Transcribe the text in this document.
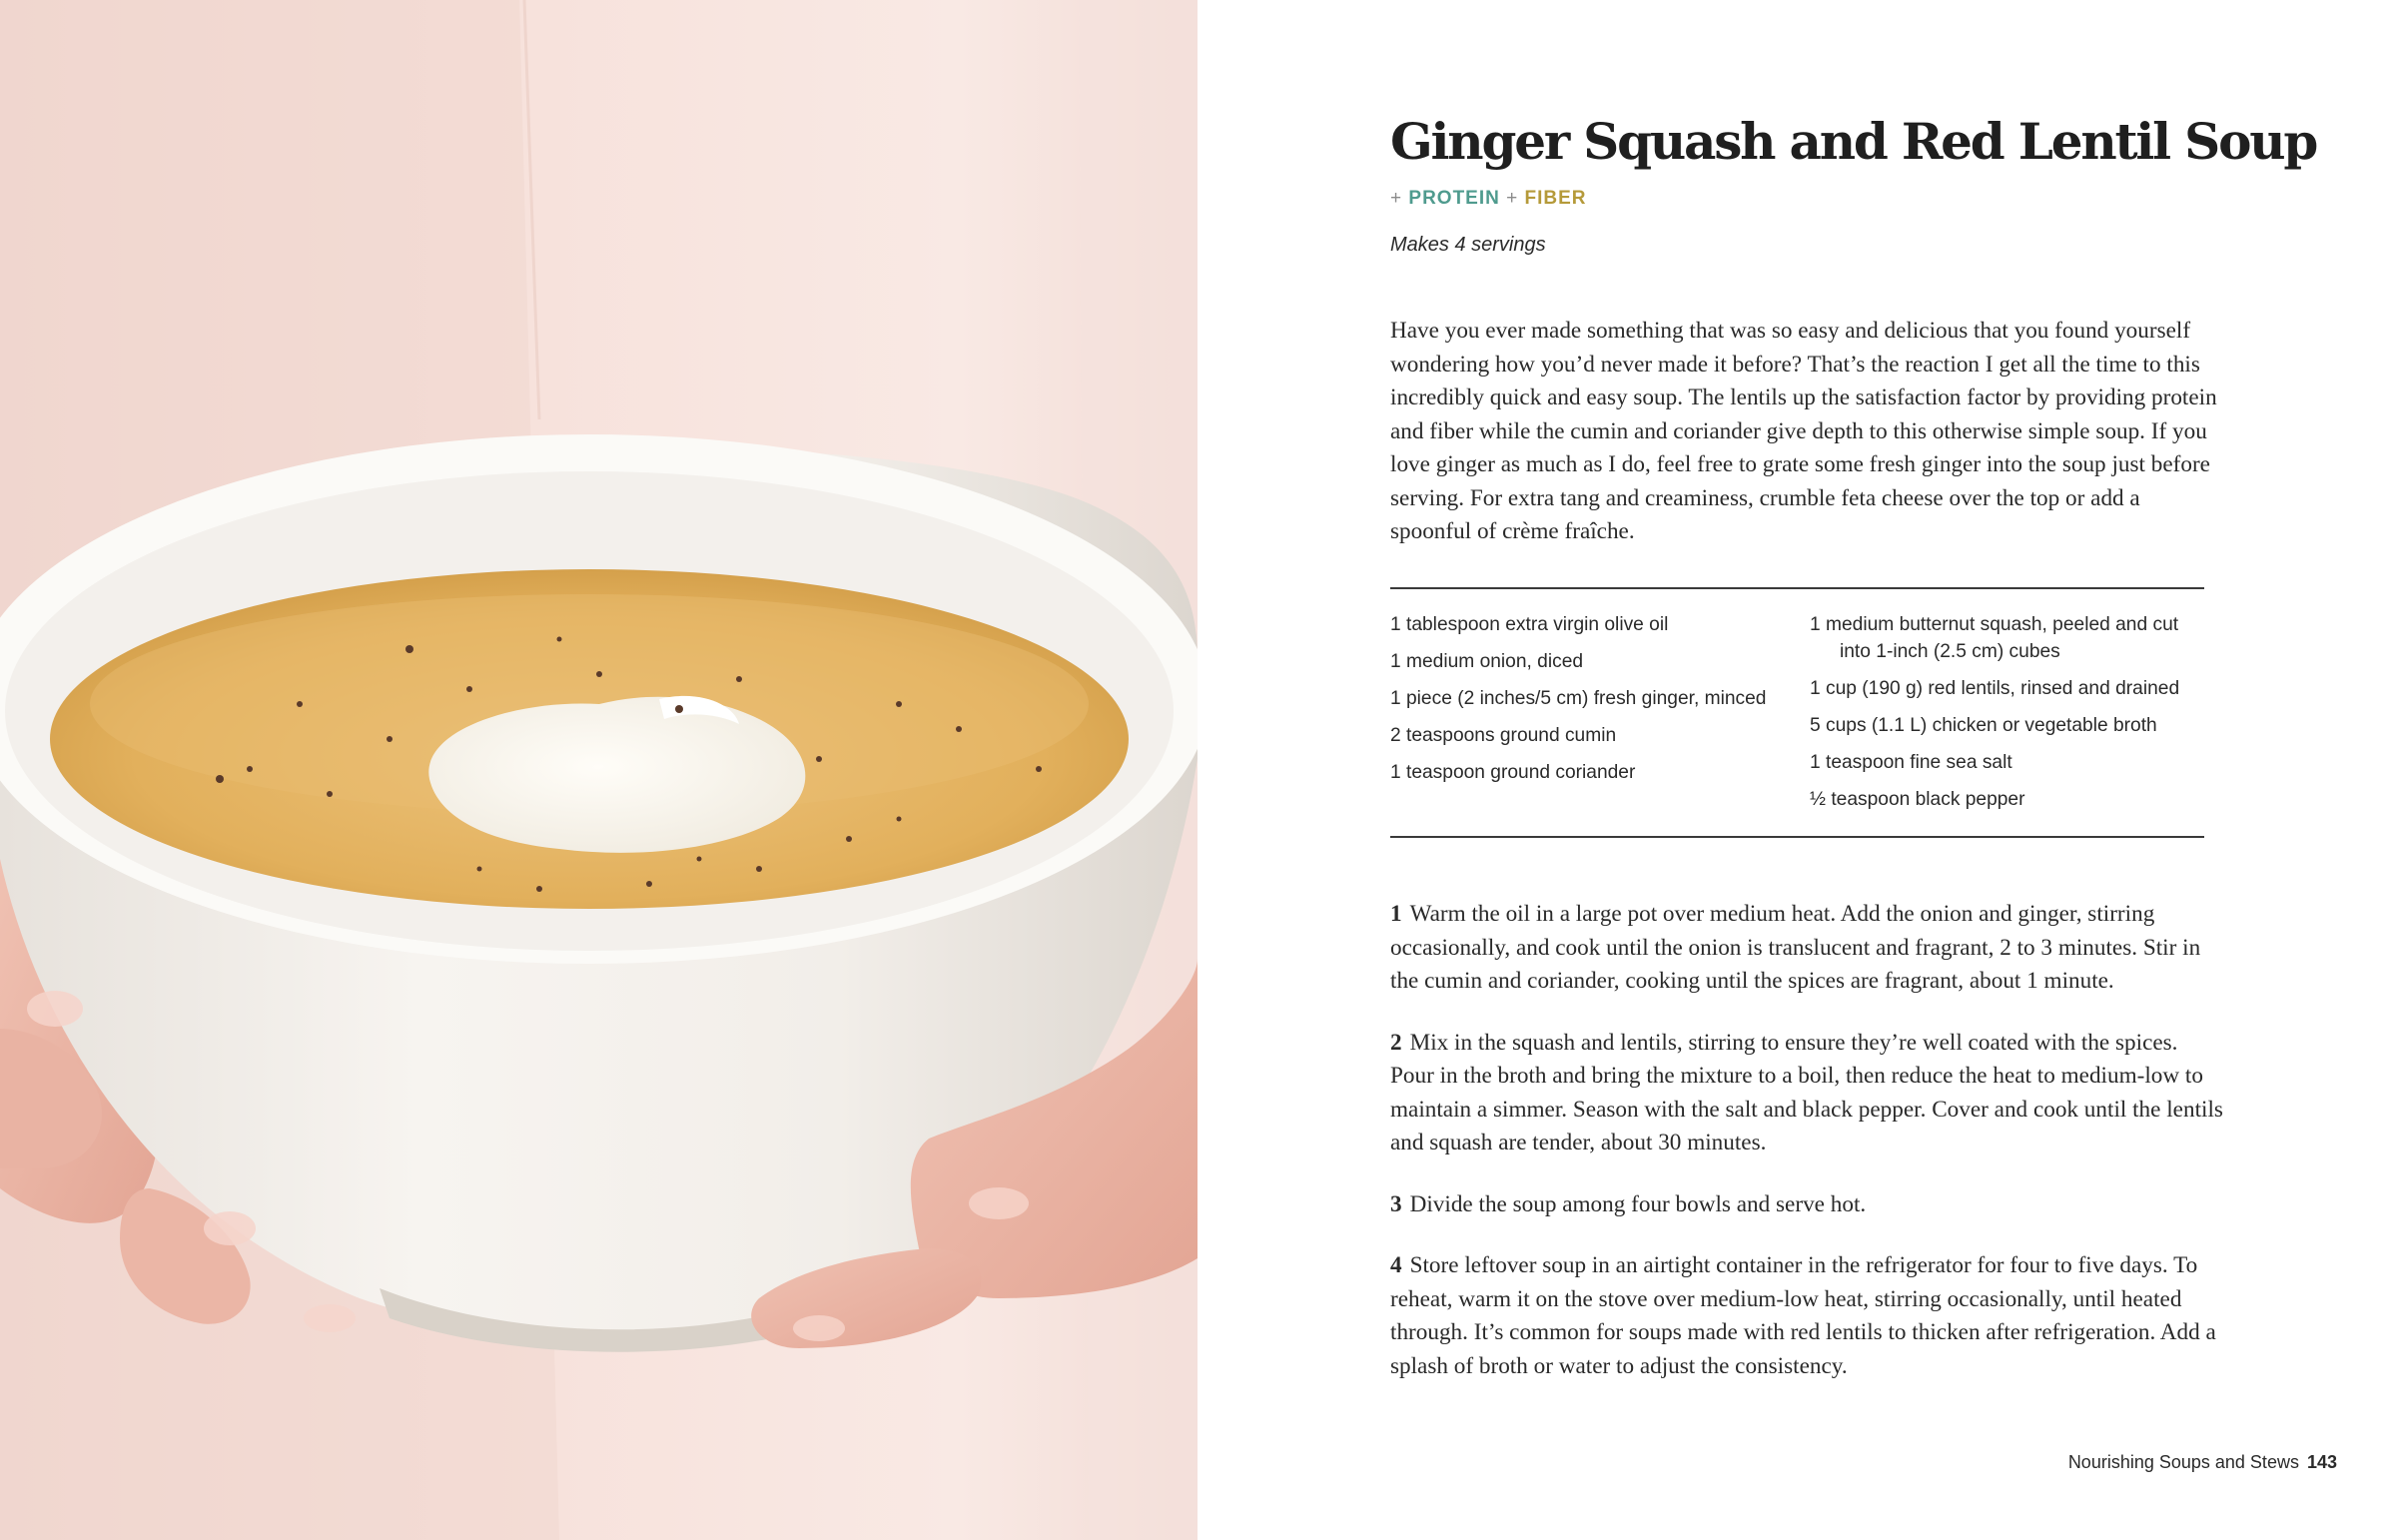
Ginger Squash and Red Lentil Soup
+ PROTEIN + FIBER
Makes 4 servings

Have you ever made something that was so easy and delicious that you found yourself wondering how you’d never made it before? That’s the reaction I get all the time to this incredibly quick and easy soup. The lentils up the satisfaction factor by providing protein and fiber while the cumin and coriander give depth to this otherwise simple soup. If you love ginger as much as I do, feel free to grate some fresh ginger into the soup just before serving. For extra tang and creaminess, crumble feta cheese over the top or add a spoonful of crème fraîche.

1 tablespoon extra virgin olive oil
1 medium onion, diced
1 piece (2 inches/5 cm) fresh ginger, minced
2 teaspoons ground cumin
1 teaspoon ground coriander
1 medium butternut squash, peeled and cut into 1-inch (2.5 cm) cubes
1 cup (190 g) red lentils, rinsed and drained
5 cups (1.1 L) chicken or vegetable broth
1 teaspoon fine sea salt
½ teaspoon black pepper
1 Warm the oil in a large pot over medium heat. Add the onion and ginger, stirring occasionally, and cook until the onion is translucent and fragrant, 2 to 3 minutes. Stir in the cumin and coriander, cooking until the spices are fragrant, about 1 minute.
2 Mix in the squash and lentils, stirring to ensure they’re well coated with the spices. Pour in the broth and bring the mixture to a boil, then reduce the heat to medium-low to maintain a simmer. Season with the salt and black pepper. Cover and cook until the lentils and squash are tender, about 30 minutes.
3 Divide the soup among four bowls and serve hot.
4 Store leftover soup in an airtight container in the refrigerator for four to five days. To reheat, warm it on the stove over medium-low heat, stirring occasionally, until heated through. It’s common for soups made with red lentils to thicken after refrigeration. Add a splash of broth or water to adjust the consistency.
Nourishing Soups and Stews 143
